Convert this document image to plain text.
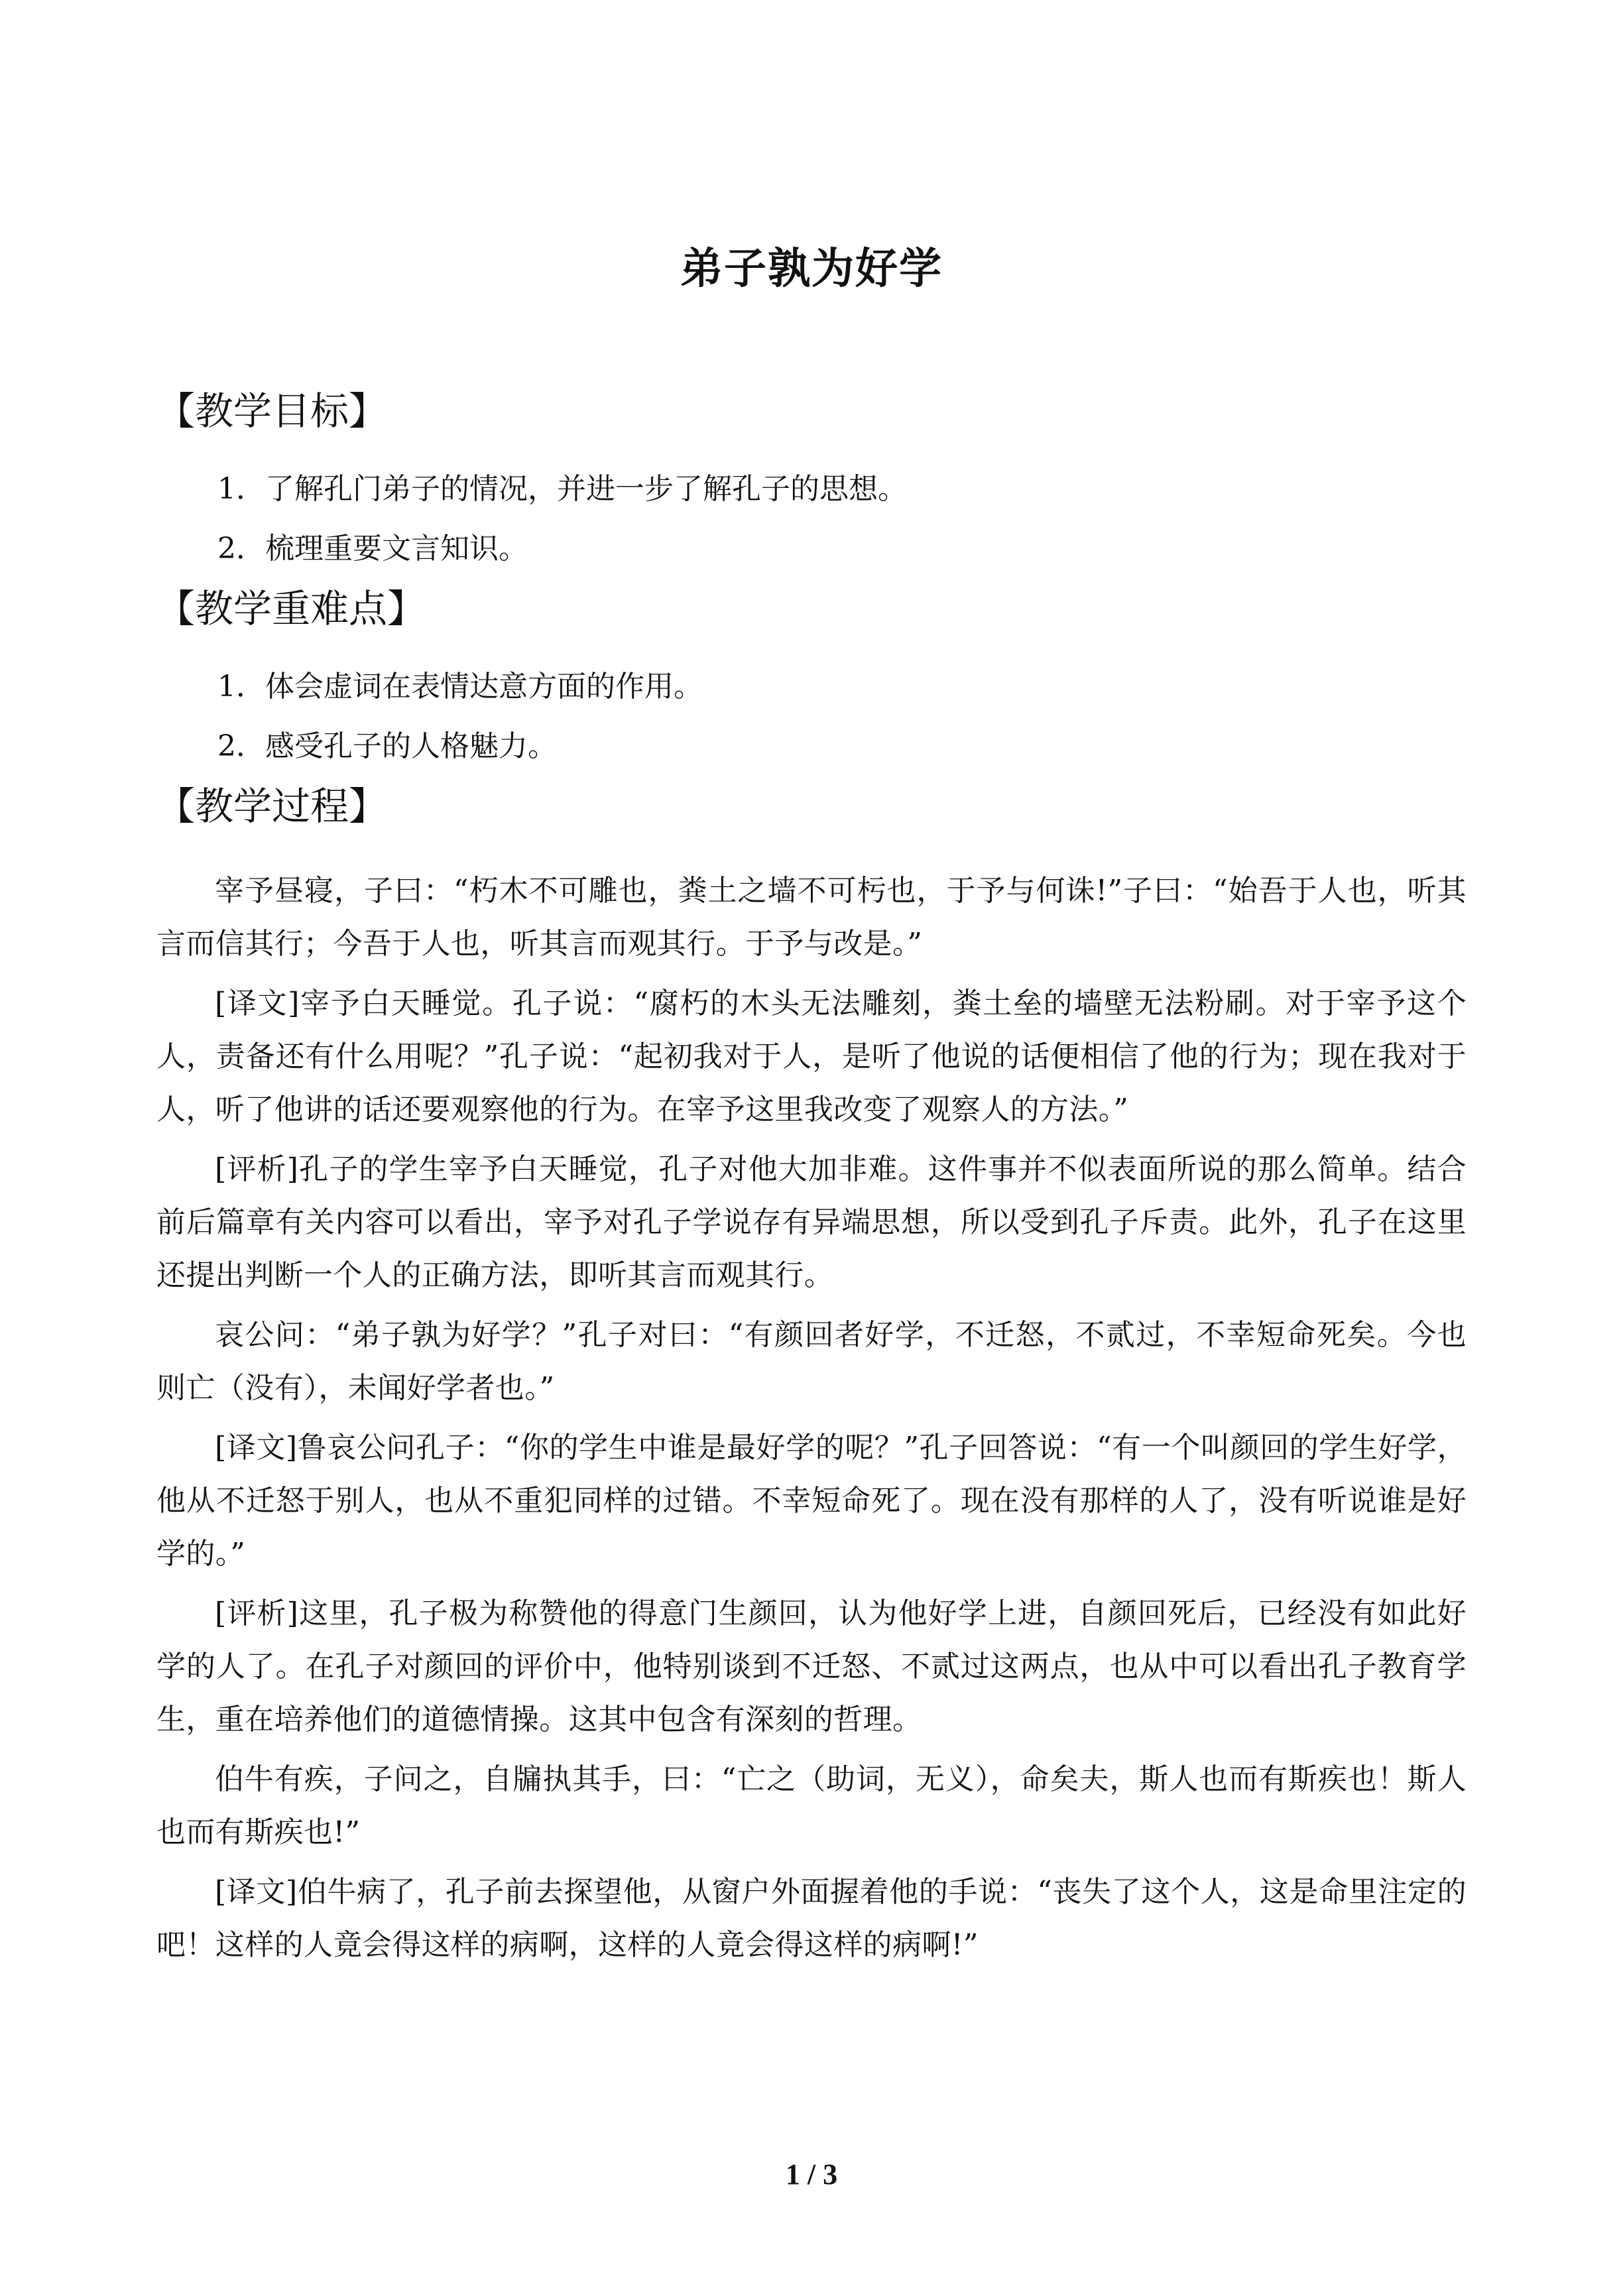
弟子孰为好学
【教学目标】
1．了解孔门弟子的情况，并进一步了解孔子的思想。
2．梳理重要文言知识。
【教学重难点】
1．体会虚词在表情达意方面的作用。
2．感受孔子的人格魅力。
【教学过程】

宰予昼寝，子曰：“朽木不可雕也，粪土之墙不可杇也，于予与何诛!”子曰：“始吾于人也，听其言而信其行；今吾于人也，听其言而观其行。于予与改是。”

[译文]宰予白天睡觉。孔子说：“腐朽的木头无法雕刻，粪土垒的墙壁无法粉刷。对于宰予这个人，责备还有什么用呢？”孔子说：“起初我对于人，是听了他说的话便相信了他的行为；现在我对于人，听了他讲的话还要观察他的行为。在宰予这里我改变了观察人的方法。”

[评析]孔子的学生宰予白天睡觉，孔子对他大加非难。这件事并不似表面所说的那么简单。结合前后篇章有关内容可以看出，宰予对孔子学说存有异端思想，所以受到孔子斥责。此外，孔子在这里还提出判断一个人的正确方法，即听其言而观其行。

哀公问：“弟子孰为好学？”孔子对曰：“有颜回者好学，不迁怒，不贰过，不幸短命死矣。今也则亡（没有），未闻好学者也。”

[译文]鲁哀公问孔子：“你的学生中谁是最好学的呢？”孔子回答说：“有一个叫颜回的学生好学，他从不迁怒于别人，也从不重犯同样的过错。不幸短命死了。现在没有那样的人了，没有听说谁是好学的。”

[评析]这里，孔子极为称赞他的得意门生颜回，认为他好学上进，自颜回死后，已经没有如此好学的人了。在孔子对颜回的评价中，他特别谈到不迁怒、不贰过这两点，也从中可以看出孔子教育学生，重在培养他们的道德情操。这其中包含有深刻的哲理。

伯牛有疾，子问之，自牖执其手，曰：“亡之（助词，无义），命矣夫，斯人也而有斯疾也！斯人也而有斯疾也!”

[译文]伯牛病了，孔子前去探望他，从窗户外面握着他的手说：“丧失了这个人，这是命里注定的吧！这样的人竟会得这样的病啊，这样的人竟会得这样的病啊!”

1 / 3
